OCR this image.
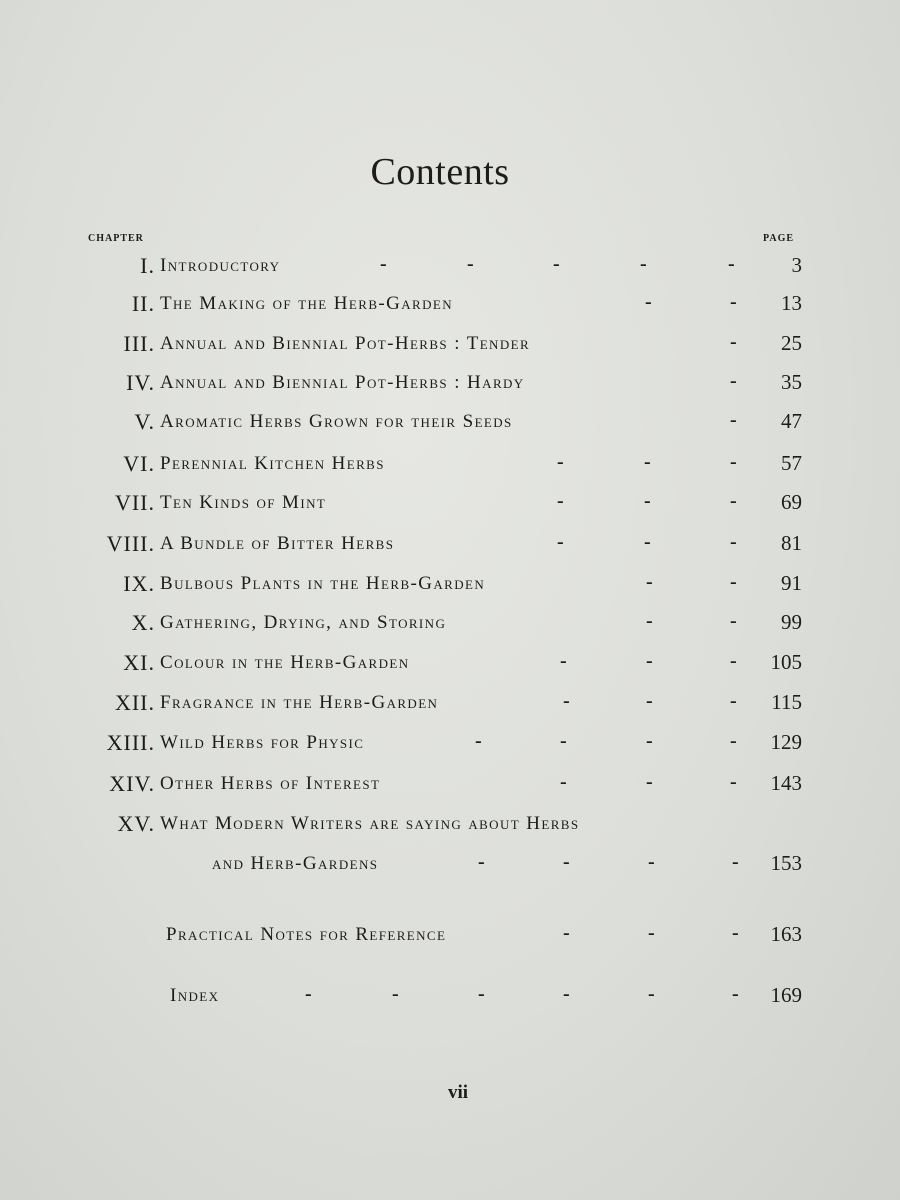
Contents
CHAPTER	PAGE
I. Introductory	-	-	-	-	-	3
II. The Making of the Herb-Garden	-	- 13
III. Annual and Biennial Pot-Herbs : Tender	- 25
IV. Annual and Biennial Pot-Herbs : Hardy	- 35
V. Aromatic Herbs Grown for their Seeds	- 47
VI. Perennial Kitchen Herbs	-	-	- 57
VII. Ten Kinds of Mint	-	-	- 69
VIII. A Bundle of Bitter Herbs	-	-	- 81
IX. Bulbous Plants in the Herb-Garden	-	- 91
X. Gathering, Drying, and Storing	-	- 99
XI. Colour in the Herb-Garden	-	-	- 105
XII. Fragrance in the Herb-Garden	-	-	- 115
XIII. Wild Herbs for Physic	-	-	-	- 129
XIV. Other Herbs of Interest	-	-	- 143
XV. What Modern Writers are saying about Herbs
and Herb-Gardens	-	-	-	- 153
Practical Notes for Reference	-	-	- 163
Index	-	-	-	-	-	- 169
vii
